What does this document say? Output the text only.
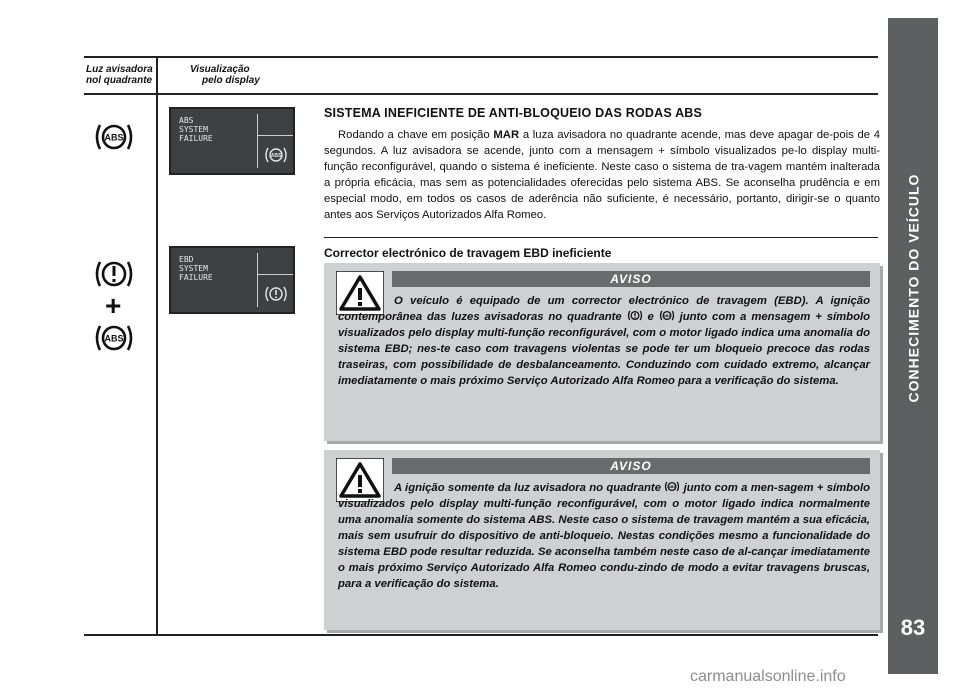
CONHECIMENTO DO VEÍCULO
83
Luz avisadora
nol quadrante
Visualização
pelo display
ABS
+
ABS
ABS
SYSTEM
FAILURE
ABS
EBD
SYSTEM
FAILURE
SISTEMA INEFICIENTE DE ANTI-BLOQUEIO DAS RODAS ABS

Rodando a chave em posição MAR a luza avisadora no quadrante acende, mas deve apagar de-pois de 4 segundos. A luz avisadora se acende, junto com a mensagem + símbolo visualizados pe-lo display multi-função reconfigurável, quando o sistema é ineficiente. Neste caso o sistema de tra-vagem mantém inalterada a própria eficácia, mas sem as potencialidades oferecidas pelo sistema ABS. Se aconselha prudência e em especial modo, em todos os casos de aderência não suficiente, é necessário, portanto, dirigir-se o quanto antes aos Serviços Autorizados Alfa Romeo.

Corrector electrónico de travagem EBD ineficiente
AVISO

O veículo é equipado de um corrector electrónico de travagem (EBD). A ignição contemporânea das luzes avisadoras no quadrante e ABS junto com a mensagem + símbolo visualizados pelo display multi-função reconfigurável, com o motor ligado indica uma anomalia do sistema EBD; nes-te caso com travagens violentas se pode ter um bloqueio precoce das rodas traseiras, com possibilidade de desbalanceamento. Conduzindo com cuidado extremo, alcançar imediatamente o mais próximo Serviço Autorizado Alfa Romeo para a verificação do sistema.

AVISO

A ignição somente da luz avisadora no quadrante ABS junto com a men-sagem + símbolo visualizados pelo display multi-função reconfigurável, com o motor ligado indica normalmente uma anomalia somente do sistema ABS. Neste caso o sistema de travagem mantém a sua eficácia, mais sem usufruir do dispositivo de anti-bloqueio. Nestas condições mesmo a funcionalidade do sistema EBD pode resultar reduzida. Se aconselha também neste caso de al-cançar imediatamente o mais próximo Serviço Autorizado Alfa Romeo condu-zindo de modo a evitar travagens bruscas, para a verificação do sistema.

carmanualsonline.info
